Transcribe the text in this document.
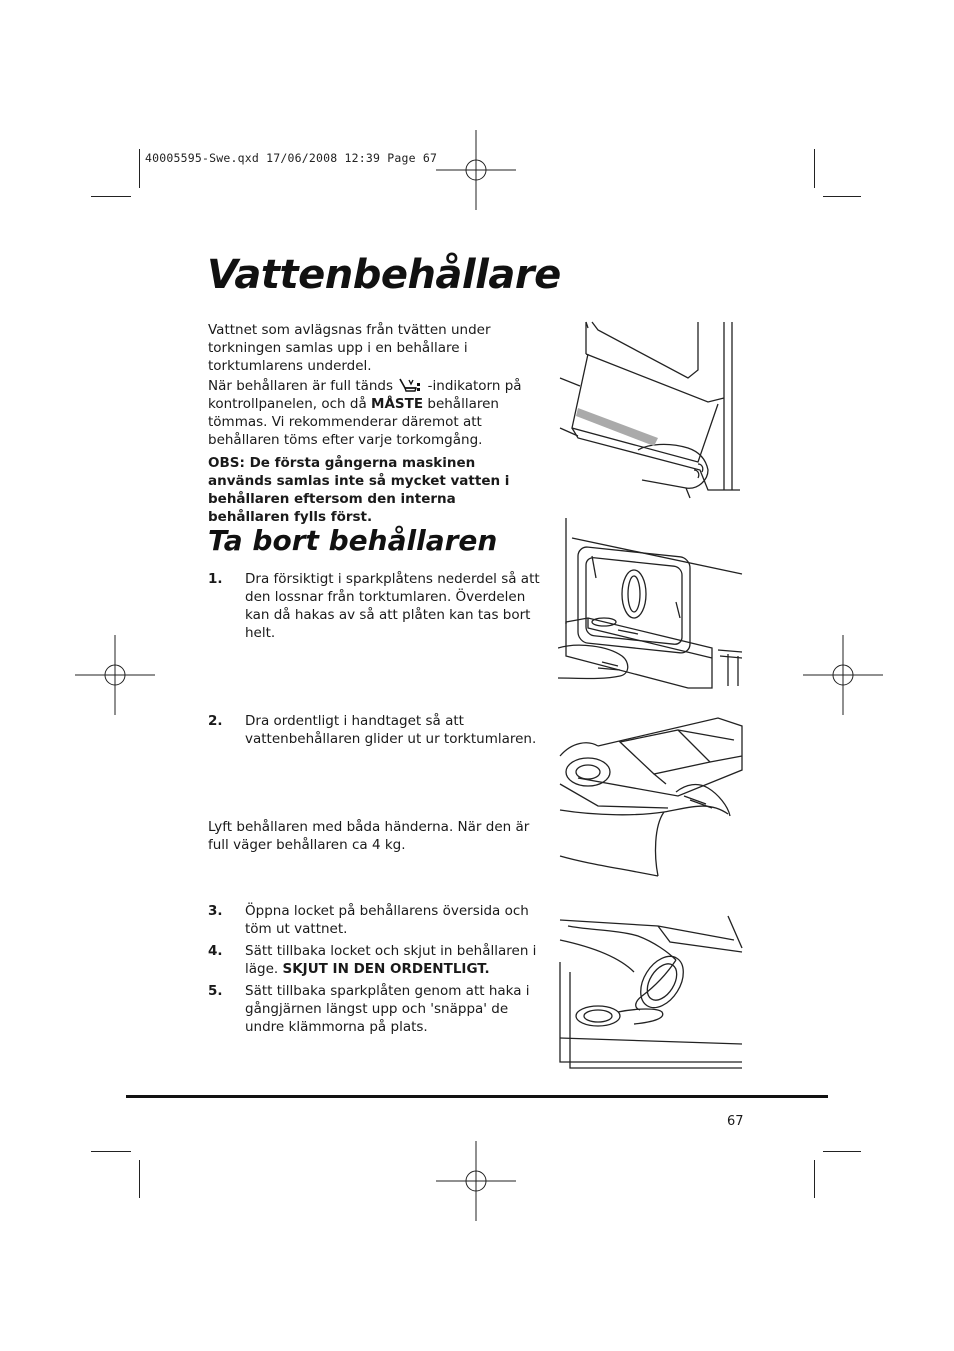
40005595-Swe.qxd 17/06/2008 12:39 Page 67
Vattenbehållare

Vattnet som avlägsnas från tvätten under torkningen samlas upp i en behållare i torktumlarens underdel.

När behållaren är full tänds  -indikatorn på kontrollpanelen, och då MÅSTE behållaren tömmas. Vi rekommenderar däremot att behållaren töms efter varje torkomgång.

OBS: De första gångerna maskinen används samlas inte så mycket vatten i behållaren eftersom den interna behållaren fylls först.

Ta bort behållaren
1. Dra försiktigt i sparkplåtens nederdel så att den lossnar från torktumlaren. Överdelen kan då hakas av så att plåten kan tas bort helt.
2. Dra ordentligt i handtaget så att vattenbehållaren glider ut ur torktumlaren.

Lyft behållaren med båda händerna. När den är full väger behållaren ca 4 kg.

3. Öppna locket på behållarens översida och töm ut vattnet.
4. Sätt tillbaka locket och skjut in behållaren i läge. SKJUT IN DEN ORDENTLIGT.
5. Sätt tillbaka sparkplåten genom att haka i gångjärnen längst upp och 'snäppa' de undre klämmorna på plats.
67
